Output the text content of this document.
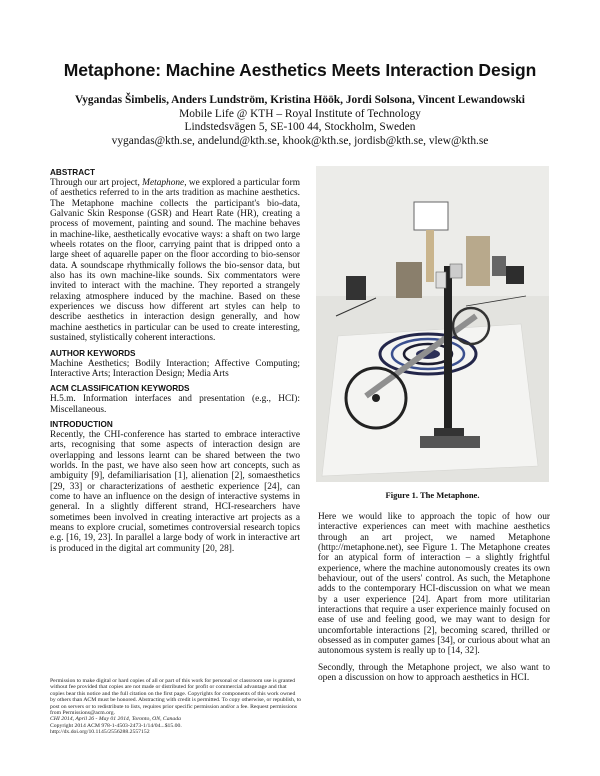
Metaphone: Machine Aesthetics Meets Interaction Design
Vygandas Šimbelis, Anders Lundström, Kristina Höök, Jordi Solsona, Vincent Lewandowski
Mobile Life @ KTH – Royal Institute of Technology
Lindstedsvägen 5, SE-100 44, Stockholm, Sweden
vygandas@kth.se, andelund@kth.se, khook@kth.se, jordisb@kth.se, vlew@kth.se
ABSTRACT

Through our art project, Metaphone, we explored a particular form of aesthetics referred to in the arts tradition as machine aesthetics. The Metaphone machine collects the participant's bio-data, Galvanic Skin Response (GSR) and Heart Rate (HR), creating a process of movement, painting and sound. The machine behaves in machine-like, aesthetically evocative ways: a shaft on two large wheels rotates on the floor, carrying paint that is dripped onto a large sheet of aquarelle paper on the floor according to bio-sensor data. A soundscape rhythmically follows the bio-sensor data, but also has its own machine-like sounds. Six commentators were invited to interact with the machine. They reported a strangely relaxing atmosphere induced by the machine. Based on these experiences we discuss how different art styles can help to describe aesthetics in interaction design generally, and how machine aesthetics in particular can be used to create interesting, sustained, stylistically coherent interactions.

AUTHOR KEYWORDS

Machine Aesthetics; Bodily Interaction; Affective Computing; Interactive Arts; Interaction Design; Media Arts

ACM CLASSIFICATION KEYWORDS

H.5.m. Information interfaces and presentation (e.g., HCI): Miscellaneous.

INTRODUCTION

Recently, the CHI-conference has started to embrace interactive arts, recognising that some aspects of interaction design are overlapping and lessons learnt can be shared between the two worlds. In the past, we have also seen how art concepts, such as ambiguity [9], defamiliarisation [1], alienation [2], somaesthetics [29, 33] or characterizations of aesthetic experience [24], can come to have an influence on the design of interactive systems in general. In a slightly different strand, HCI-researchers have sometimes been involved in creating interactive art projects as a means to explore crucial, sometimes controversial research topics e.g. [16, 19, 23]. In parallel a large body of work in interactive art is produced in the digital art community [20, 28].

Figure 1. The Metaphone.

Here we would like to approach the topic of how our interactive experiences can meet with machine aesthetics through an art project, we named Metaphone (http://metaphone.net), see Figure 1. The Metaphone creates for an atypical form of interaction – a slightly frightful experience, where the machine autonomously creates its own behaviour, out of the users' control. As such, the Metaphone adds to the contemporary HCI-discussion on what we mean by a user experience [24]. Apart from more utilitarian interactions that require a user experience mainly focused on ease of use and feeling good, we may want to design for uncomfortable interactions [2], becoming scared, thrilled or obsessed as in computer games [34], or curious about what an autonomous system is really up to [14, 32].

Secondly, through the Metaphone project, we also want to open a discussion on how to approach aesthetics in HCI.

Permission to make digital or hard copies of all or part of this work for personal or classroom use is granted without fee provided that copies are not made or distributed for profit or commercial advantage and that copies bear this notice and the full citation on the first page. Copyrights for components of this work owned by others than ACM must be honored. Abstracting with credit is permitted. To copy otherwise, or republish, to post on servers or to redistribute to lists, requires prior specific permission and/or a fee. Request permissions from Permissions@acm.org.

CHI 2014, April 26 - May 01 2014, Toronto, ON, Canada

Copyright 2014 ACM 978-1-4503-2473-1/14/04...$15.00.

http://dx.doi.org/10.1145/2556288.2557152
